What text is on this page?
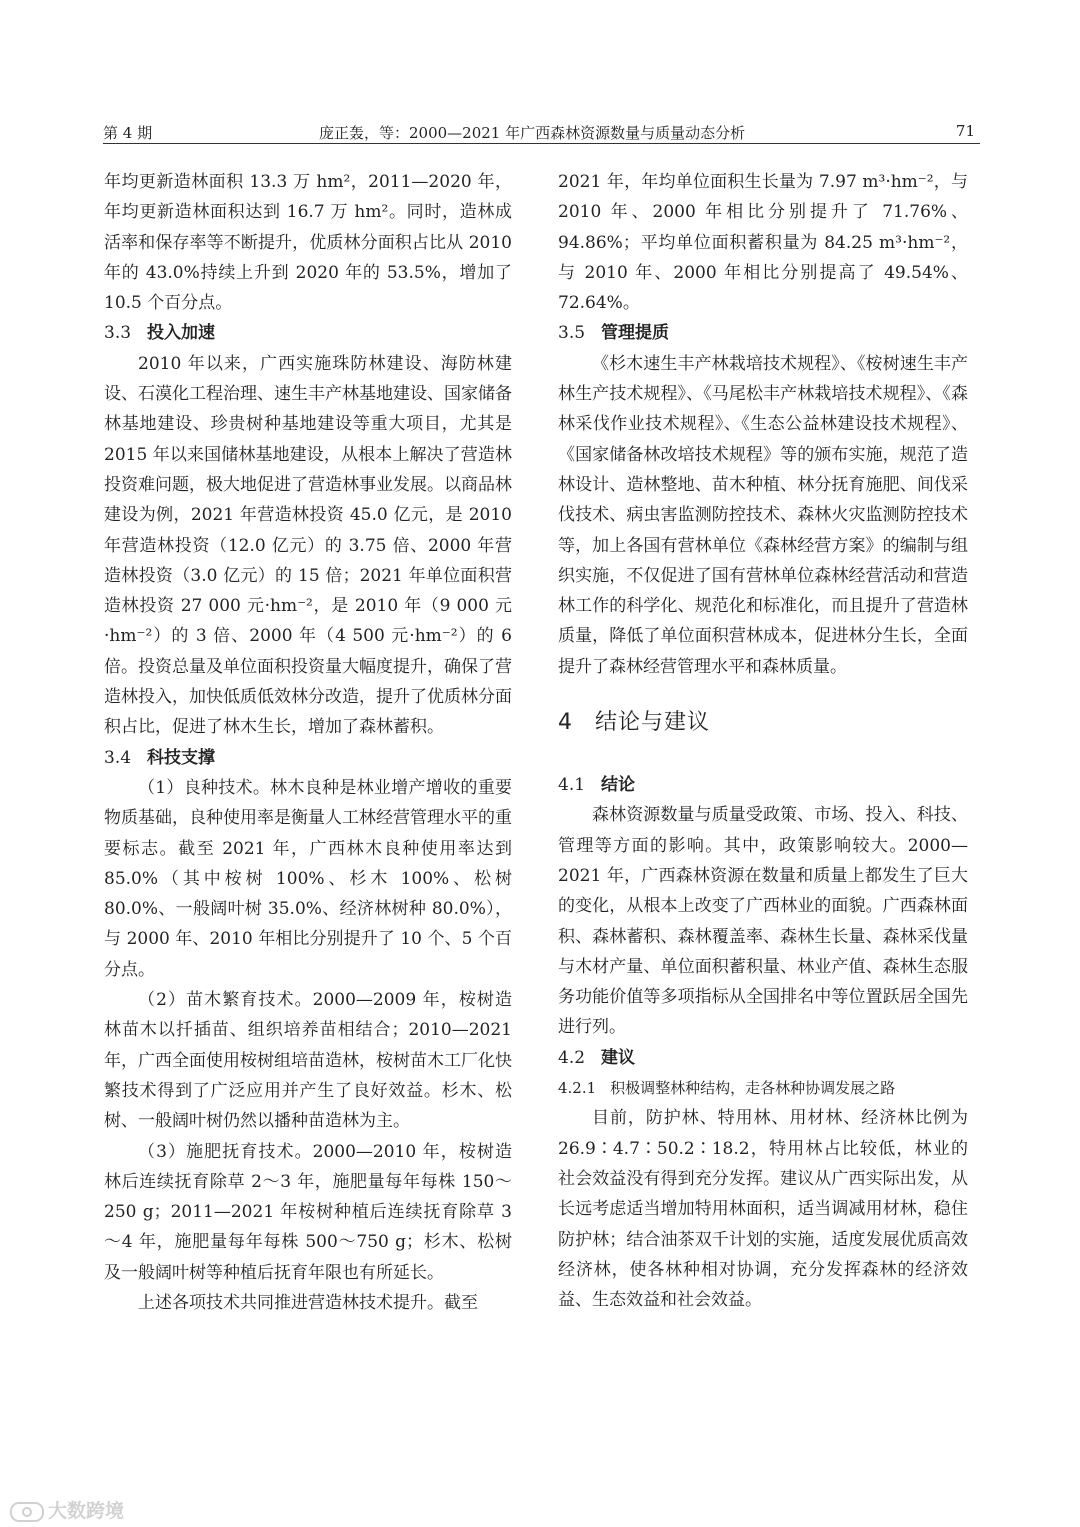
第 4 期	庞正轰，等：2000—2021 年广西森林资源数量与质量动态分析	71

年均更新造林面积 13.3 万 hm²，2011—2020 年，年均更新造林面积达到 16.7 万 hm²。同时，造林成活率和保存率等不断提升，优质林分面积占比从 2010 年的 43.0%持续上升到 2020 年的 53.5%，增加了 10.5 个百分点。

3.3 投入加速

2010 年以来，广西实施珠防林建设、海防林建设、石漠化工程治理、速生丰产林基地建设、国家储备林基地建设、珍贵树种基地建设等重大项目，尤其是 2015 年以来国储林基地建设，从根本上解决了营造林投资难问题，极大地促进了营造林事业发展。以商品林建设为例，2021 年营造林投资 45.0 亿元，是 2010 年营造林投资（12.0 亿元）的 3.75 倍、2000 年营造林投资（3.0 亿元）的 15 倍；2021 年单位面积营造林投资 27 000 元·hm⁻²，是 2010 年（9 000 元·hm⁻²）的 3 倍、2000 年（4 500 元·hm⁻²）的 6 倍。投资总量及单位面积投资量大幅度提升，确保了营造林投入，加快低质低效林分改造，提升了优质林分面积占比，促进了林木生长，增加了森林蓄积。

3.4 科技支撑

（1）良种技术。林木良种是林业增产增收的重要物质基础，良种使用率是衡量人工林经营管理水平的重要标志。截至 2021 年，广西林木良种使用率达到 85.0%（其中桉树 100%、杉木 100%、松树 80.0%、一般阔叶树 35.0%、经济林树种 80.0%），与 2000 年、2010 年相比分别提升了 10 个、5 个百分点。

（2）苗木繁育技术。2000—2009 年，桉树造林苗木以扦插苗、组织培养苗相结合；2010—2021 年，广西全面使用桉树组培苗造林，桉树苗木工厂化快繁技术得到了广泛应用并产生了良好效益。杉木、松树、一般阔叶树仍然以播种苗造林为主。

（3）施肥抚育技术。2000—2010 年，桉树造林后连续抚育除草 2～3 年，施肥量每年每株 150～250 g；2011—2021 年桉树种植后连续抚育除草 3～4 年，施肥量每年每株 500～750 g；杉木、松树及一般阔叶树等种植后抚育年限也有所延长。

上述各项技术共同推进营造林技术提升。截至

2021 年，年均单位面积生长量为 7.97 m³·hm⁻²，与 2010 年、2000 年相比分别提升了 71.76%、94.86%；平均单位面积蓄积量为 84.25 m³·hm⁻²，与 2010 年、2000 年相比分别提高了 49.54%、72.64%。

3.5 管理提质

《杉木速生丰产林栽培技术规程》、《桉树速生丰产林生产技术规程》、《马尾松丰产林栽培技术规程》、《森林采伐作业技术规程》、《生态公益林建设技术规程》、《国家储备林改培技术规程》等的颁布实施，规范了造林设计、造林整地、苗木种植、林分抚育施肥、间伐采伐技术、病虫害监测防控技术、森林火灾监测防控技术等，加上各国有营林单位《森林经营方案》的编制与组织实施，不仅促进了国有营林单位森林经营活动和营造林工作的科学化、规范化和标准化，而且提升了营造林质量，降低了单位面积营林成本，促进林分生长，全面提升了森林经营管理水平和森林质量。

4 结论与建议

4.1 结论

森林资源数量与质量受政策、市场、投入、科技、管理等方面的影响。其中，政策影响较大。2000—2021 年，广西森林资源在数量和质量上都发生了巨大的变化，从根本上改变了广西林业的面貌。广西森林面积、森林蓄积、森林覆盖率、森林生长量、森林采伐量与木材产量、单位面积蓄积量、林业产值、森林生态服务功能价值等多项指标从全国排名中等位置跃居全国先进行列。

4.2 建议

4.2.1 积极调整林种结构，走各林种协调发展之路

目前，防护林、特用林、用材林、经济林比例为 26.9∶4.7∶50.2∶18.2，特用林占比较低，林业的社会效益没有得到充分发挥。建议从广西实际出发，从长远考虑适当增加特用林面积，适当调减用材林，稳住防护林；结合油茶双千计划的实施，适度发展优质高效经济林，使各林种相对协调，充分发挥森林的经济效益、生态效益和社会效益。

大数跨境
